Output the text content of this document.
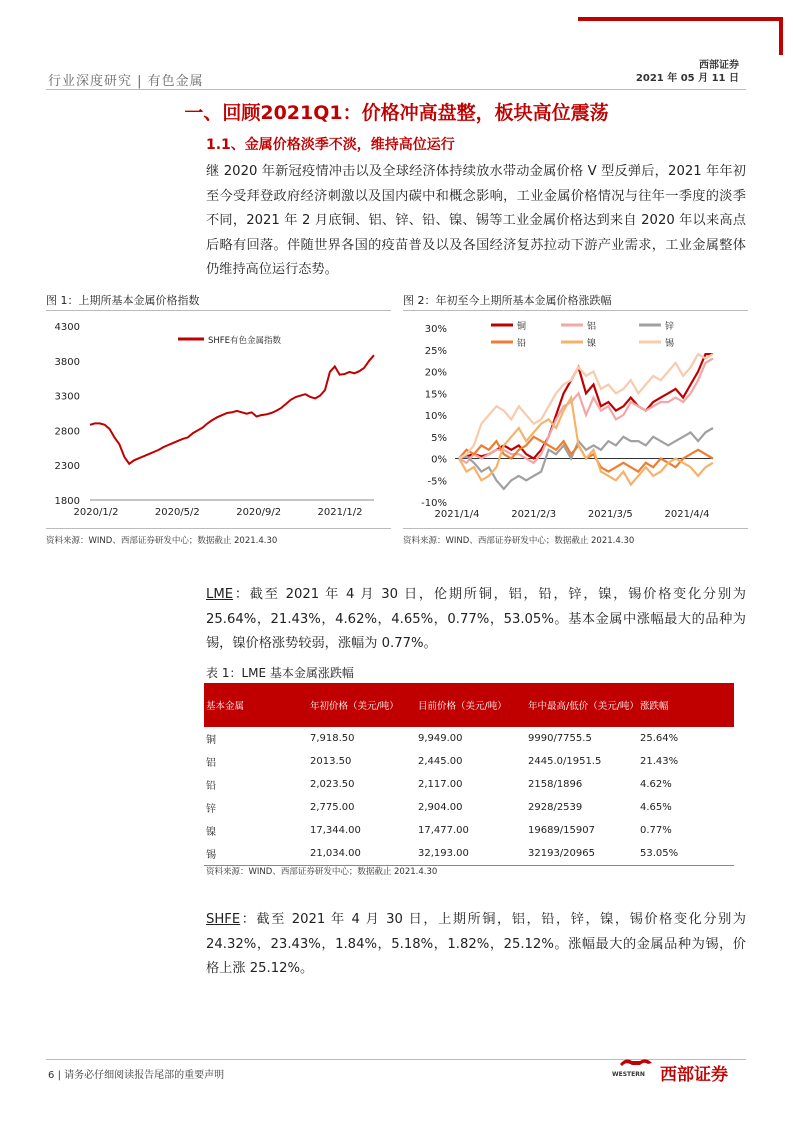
西部证券
2021 年 05 月 11 日
行业深度研究 | 有色金属
一、回顾2021Q1：价格冲高盘整，板块高位震荡
1.1、金属价格淡季不淡，维持高位运行
继 2020 年新冠疫情冲击以及全球经济体持续放水带动金属价格 V 型反弹后，2021 年年初至今受拜登政府经济刺激以及国内碳中和概念影响，工业金属价格情况与往年一季度的淡季不同，2021 年 2 月底铜、铝、锌、铅、镍、锡等工业金属价格达到来自 2020 年以来高点后略有回落。伴随世界各国的疫苗普及以及各国经济复苏拉动下游产业需求，工业金属整体仍维持高位运行态势。
图 1：上期所基本金属价格指数
1800
2300
2800
3300
3800
4300
2020/1/2	2020/5/2	2020/9/2	2021/1/2
SHFE有色金属指数
资料来源：WIND、西部证券研发中心；数据截止 2021.4.30
图 2：年初至今上期所基本金属价格涨跌幅
30%
25%
20%
15%
10%
5%
0%
-5%
-10%
2021/1/4	2021/2/3	2021/3/5	2021/4/4
铜	铝	锌
铅	镍	锡
资料来源：WIND、西部证券研发中心；数据截止 2021.4.30
LME：截至 2021 年 4 月 30 日，伦期所铜，铝，铅，锌，镍，锡价格变化分别为 25.64%，21.43%，4.62%，4.65%，0.77%，53.05%。基本金属中涨幅最大的品种为锡，镍价格涨势较弱，涨幅为 0.77%。
表 1：LME 基本金属涨跌幅
基本金属	年初价格（美元/吨）	目前价格（美元/吨）	年中最高/低价（美元/吨）	涨跌幅
铜	7,918.50	9,949.00	9990/7755.5	25.64%
铝	2013.50	2,445.00	2445.0/1951.5	21.43%
铅	2,023.50	2,117.00	2158/1896	4.62%
锌	2,775.00	2,904.00	2928/2539	4.65%
镍	17,344.00	17,477.00	19689/15907	0.77%
锡	21,034.00	32,193.00	32193/20965	53.05%
资料来源：WIND、西部证券研发中心；数据截止 2021.4.30
SHFE：截至 2021 年 4 月 30 日，上期所铜，铝，铅，锌，镍，锡价格变化分别为 24.32%，23.43%，1.84%，5.18%，1.82%，25.12%。涨幅最大的金属品种为锡，价格上涨 25.12%。
6 | 请务必仔细阅读报告尾部的重要声明	WESTERN 西部证券
